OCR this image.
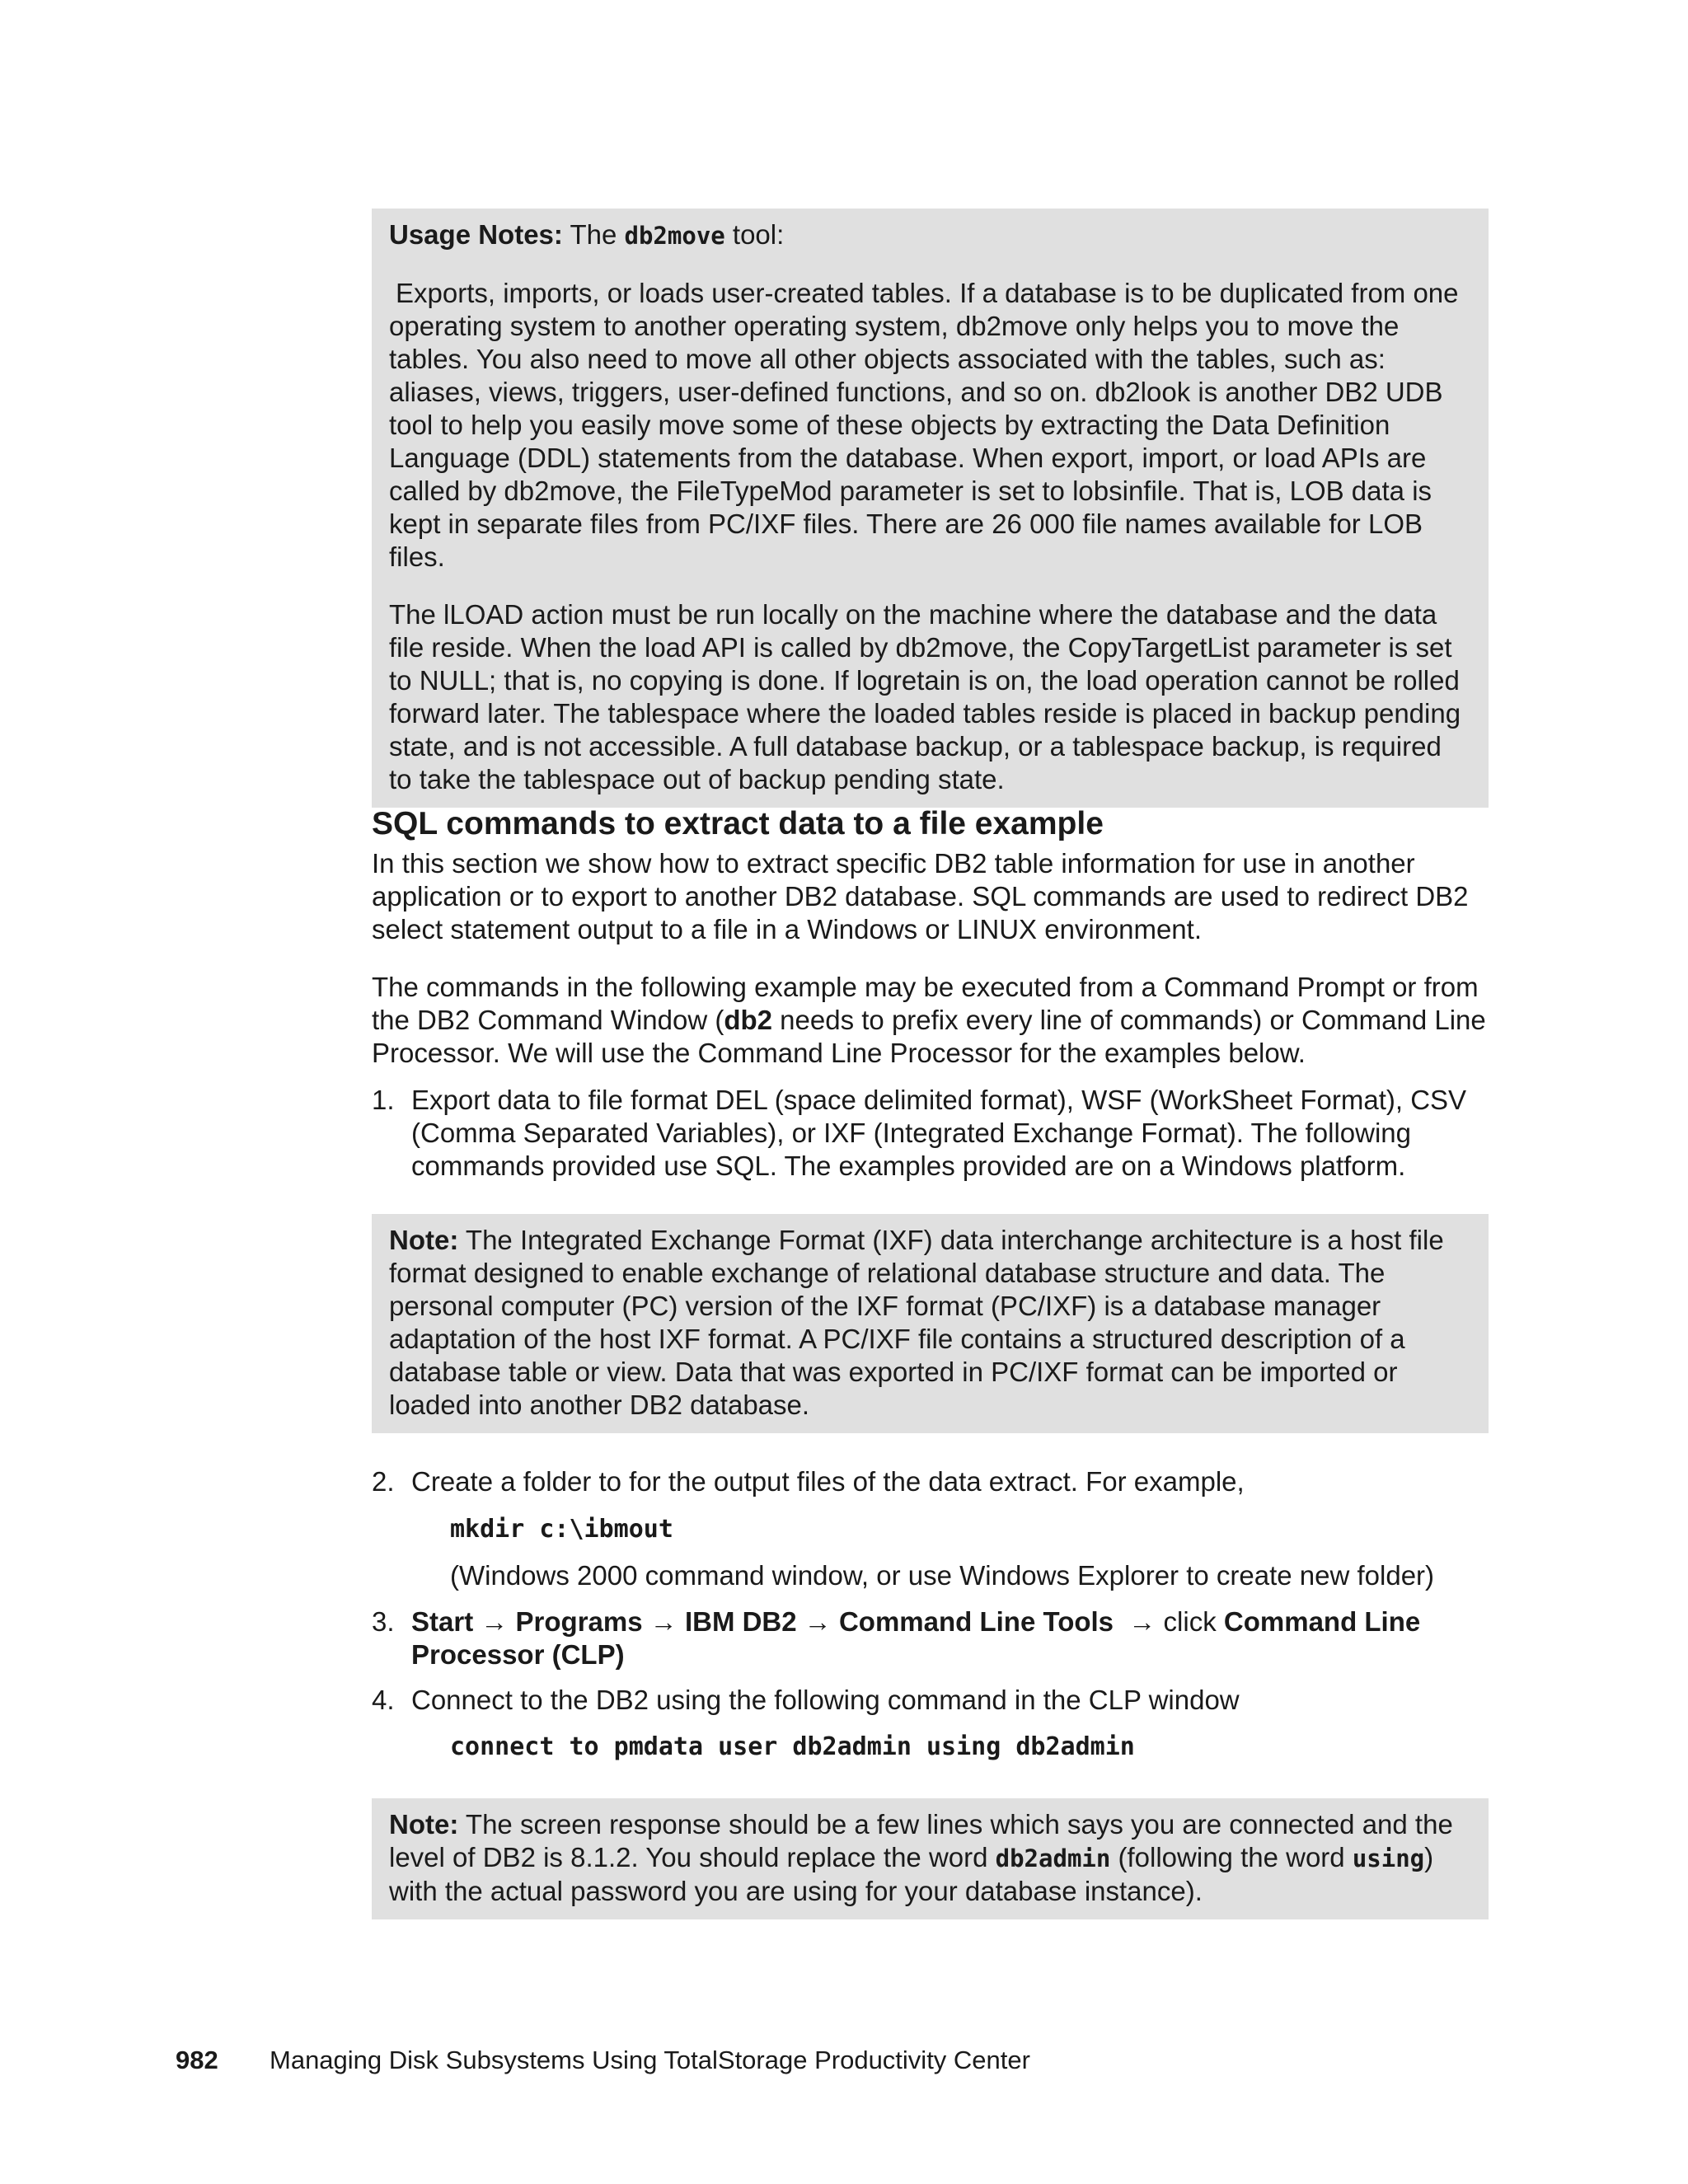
Usage Notes: The db2move tool:

Exports, imports, or loads user-created tables. If a database is to be duplicated from one operating system to another operating system, db2move only helps you to move the tables. You also need to move all other objects associated with the tables, such as: aliases, views, triggers, user-defined functions, and so on. db2look is another DB2 UDB tool to help you easily move some of these objects by extracting the Data Definition Language (DDL) statements from the database. When export, import, or load APIs are called by db2move, the FileTypeMod parameter is set to lobsinfile. That is, LOB data is kept in separate files from PC/IXF files. There are 26 000 file names available for LOB files.

The lLOAD action must be run locally on the machine where the database and the data file reside. When the load API is called by db2move, the CopyTargetList parameter is set to NULL; that is, no copying is done. If logretain is on, the load operation cannot be rolled forward later. The tablespace where the loaded tables reside is placed in backup pending state, and is not accessible. A full database backup, or a tablespace backup, is required to take the tablespace out of backup pending state.

SQL commands to extract data to a file example

In this section we show how to extract specific DB2 table information for use in another application or to export to another DB2 database. SQL commands are used to redirect DB2 select statement output to a file in a Windows or LINUX environment.

The commands in the following example may be executed from a Command Prompt or from the DB2 Command Window (db2 needs to prefix every line of commands) or Command Line Processor. We will use the Command Line Processor for the examples below.

1. Export data to file format DEL (space delimited format), WSF (WorkSheet Format), CSV (Comma Separated Variables), or IXF (Integrated Exchange Format). The following commands provided use SQL. The examples provided are on a Windows platform.

Note: The Integrated Exchange Format (IXF) data interchange architecture is a host file format designed to enable exchange of relational database structure and data. The personal computer (PC) version of the IXF format (PC/IXF) is a database manager adaptation of the host IXF format. A PC/IXF file contains a structured description of a database table or view. Data that was exported in PC/IXF format can be imported or loaded into another DB2 database.

2. Create a folder to for the output files of the data extract. For example,
mkdir c:\ibmout
(Windows 2000 command window, or use Windows Explorer to create new folder)
3. Start → Programs → IBM DB2 → Command Line Tools → click Command Line Processor (CLP)
4. Connect to the DB2 using the following command in the CLP window
connect to pmdata user db2admin using db2admin

Note: The screen response should be a few lines which says you are connected and the level of DB2 is 8.1.2. You should replace the word db2admin (following the word using) with the actual password you are using for your database instance).

982 Managing Disk Subsystems Using TotalStorage Productivity Center
